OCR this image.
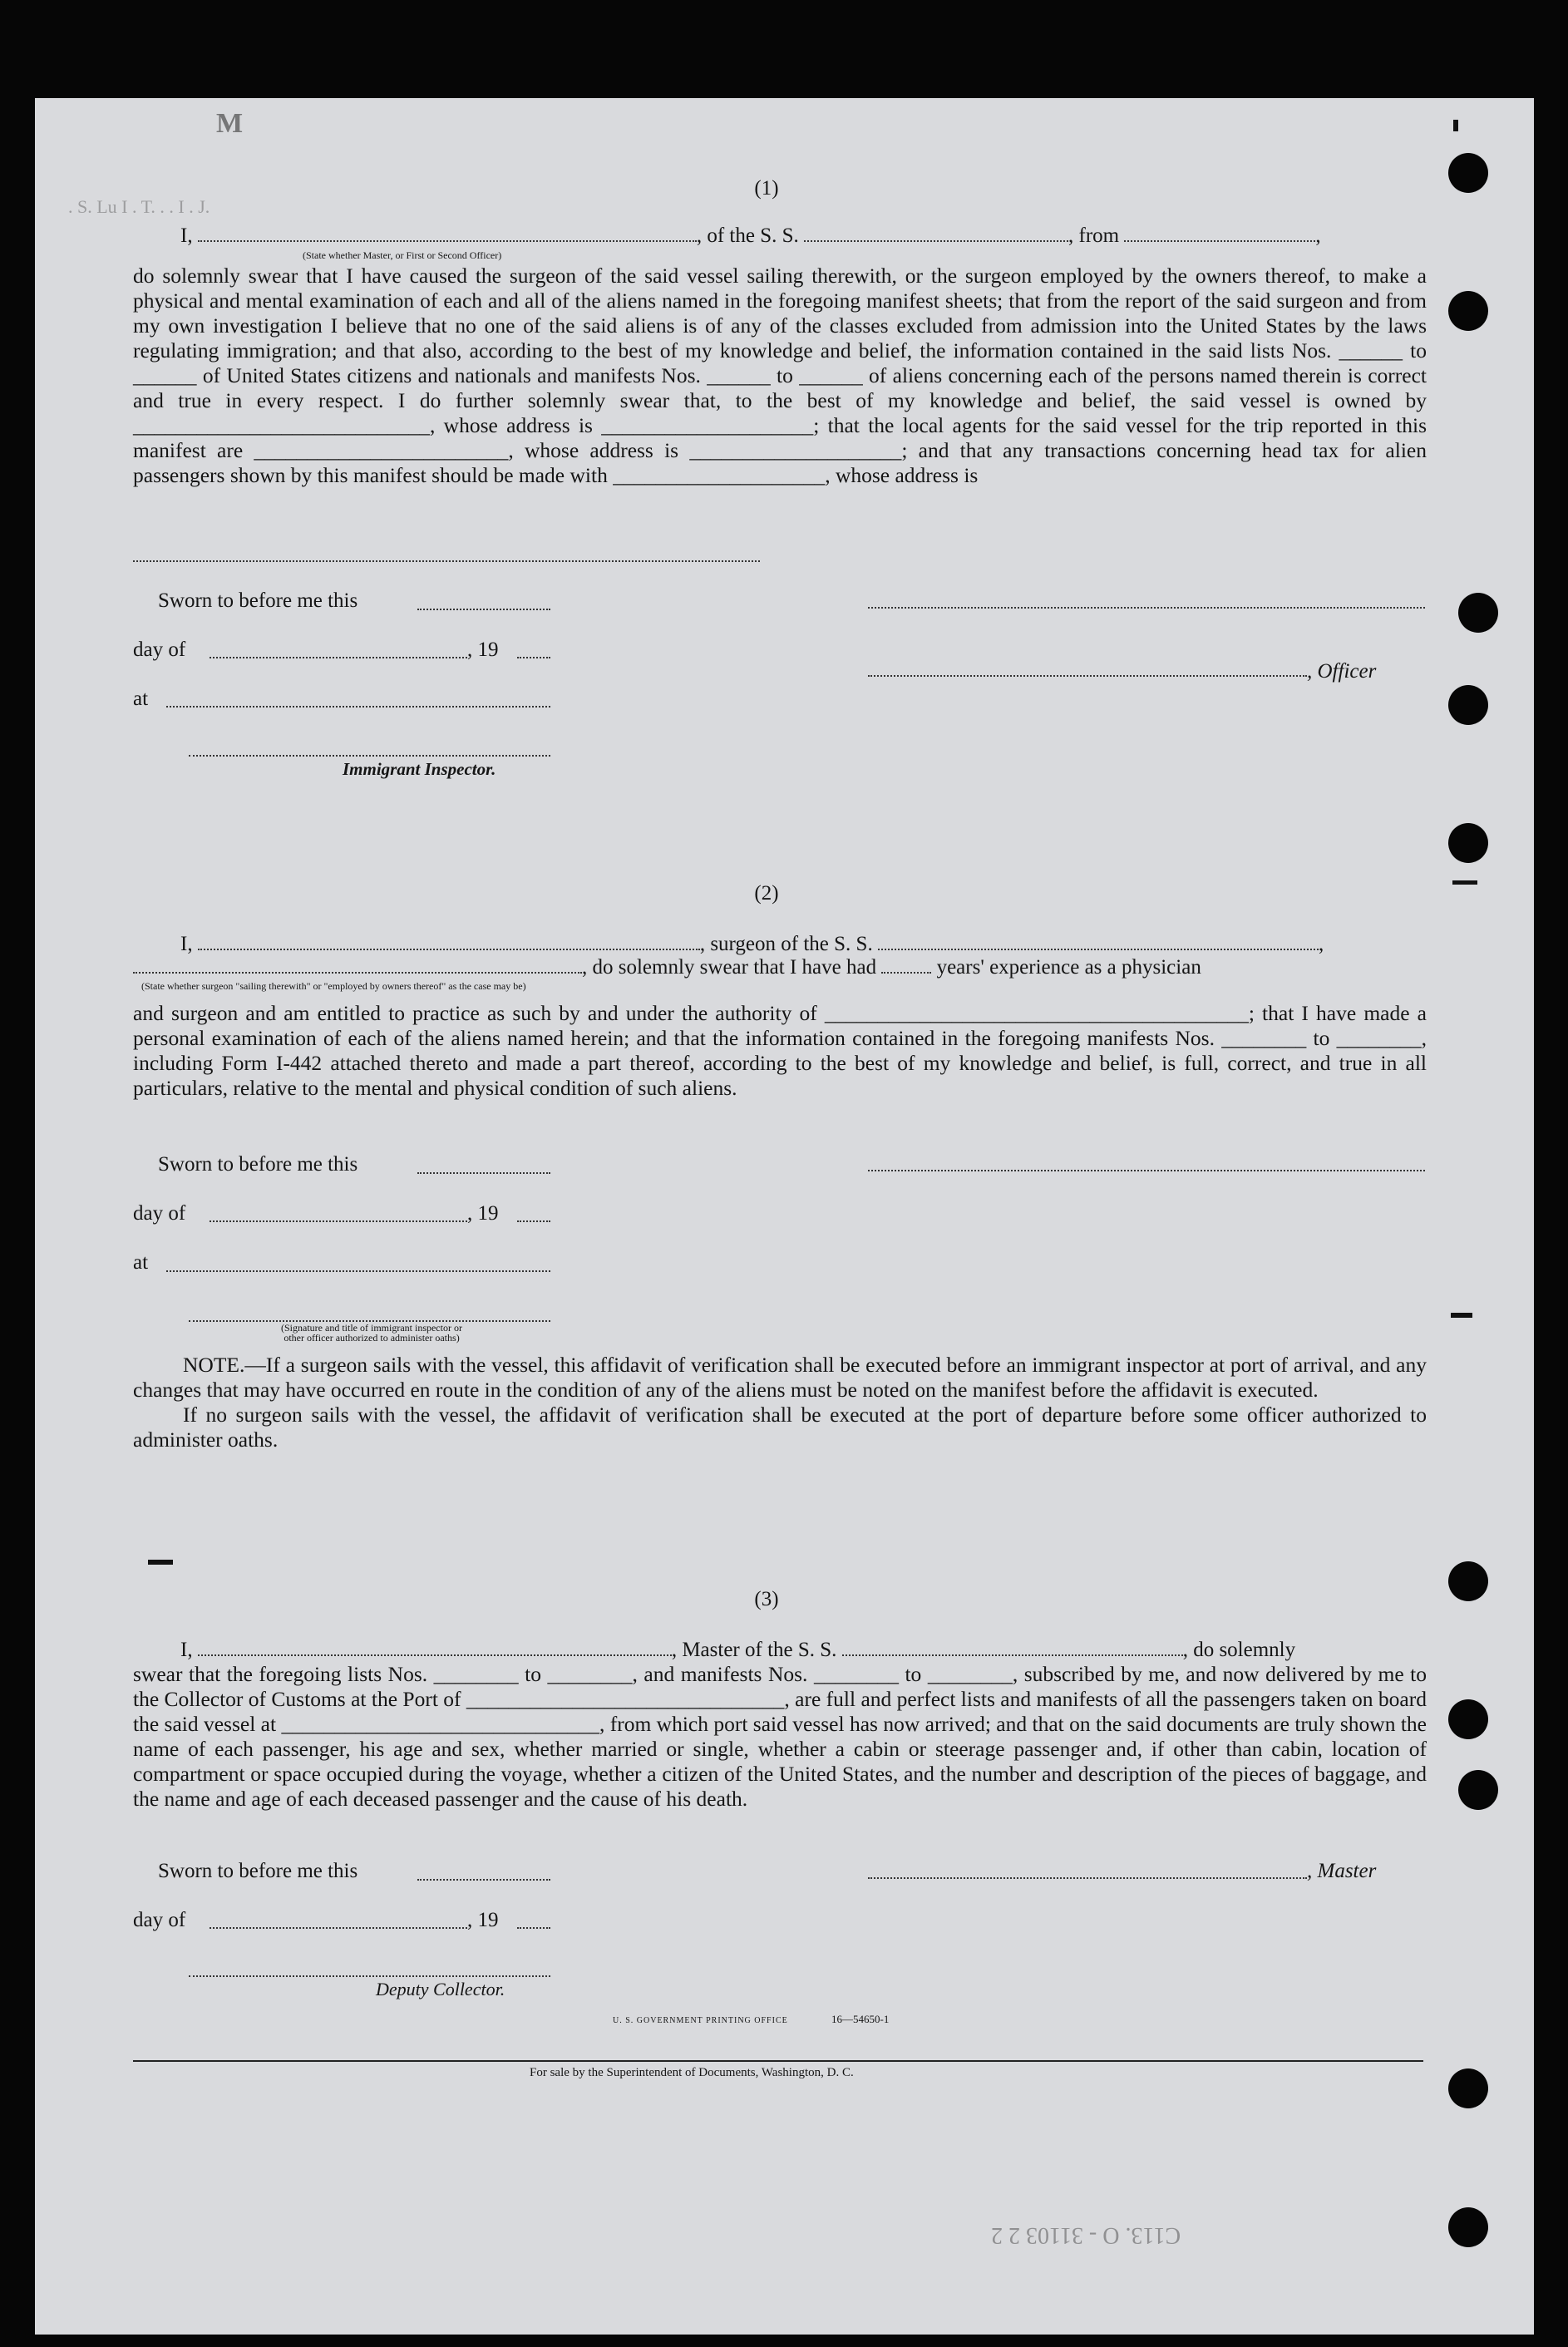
M
. S. Lu I . T. . . I . J.
C113. O - 31103 2 2
(1)
I,	, of the S. S.	, from	,
(State whether Master, or First or Second Officer)

do solemnly swear that I have caused the surgeon of the said vessel sailing therewith, or the surgeon employed by the owners thereof, to make a physical and mental examination of each and all of the aliens named in the foregoing manifest sheets; that from the report of the said surgeon and from my own investigation I believe that no one of the said aliens is of any of the classes excluded from admission into the United States by the laws regulating immigration; and that also, according to the best of my knowledge and belief, the information contained in the said lists Nos. ______ to ______ of United States citizens and nationals and manifests Nos. ______ to ______ of aliens concerning each of the persons named therein is correct and true in every respect. I do further solemnly swear that, to the best of my knowledge and belief, the said vessel is owned by ____________________________, whose address is ____________________; that the local agents for the said vessel for the trip reported in this manifest are ________________________, whose address is ____________________; and that any transactions concerning head tax for alien passengers shown by this manifest should be made with ____________________, whose address is

Sworn to before me this
day of	, 19
, Officer
at
Immigrant Inspector.
(2)
I,	, surgeon of the S. S.	,
, do solemnly swear that I have had	years' experience as a physician
(State whether surgeon "sailing therewith" or "employed by owners thereof" as the case may be)

and surgeon and am entitled to practice as such by and under the authority of ________________________________________; that I have made a personal examination of each of the aliens named herein; and that the information contained in the foregoing manifests Nos. ________ to ________, including Form I-442 attached thereto and made a part thereof, according to the best of my knowledge and belief, is full, correct, and true in all particulars, relative to the mental and physical condition of such aliens.

Sworn to before me this
day of	, 19
at
(Signature and title of immigrant inspector or
other officer authorized to administer oaths)

NOTE.—If a surgeon sails with the vessel, this affidavit of verification shall be executed before an immigrant inspector at port of arrival, and any changes that may have occurred en route in the condition of any of the aliens must be noted on the manifest before the affidavit is executed.

If no surgeon sails with the vessel, the affidavit of verification shall be executed at the port of departure before some officer authorized to administer oaths.

(3)
I,	, Master of the S. S.	, do solemnly

swear that the foregoing lists Nos. ________ to ________, and manifests Nos. ________ to ________, subscribed by me, and now delivered by me to the Collector of Customs at the Port of ______________________________, are full and perfect lists and manifests of all the passengers taken on board the said vessel at ______________________________, from which port said vessel has now arrived; and that on the said documents are truly shown the name of each passenger, his age and sex, whether married or single, whether a cabin or steerage passenger and, if other than cabin, location of compartment or space occupied during the voyage, whether a citizen of the United States, and the number and description of the pieces of baggage, and the name and age of each deceased passenger and the cause of his death.

Sworn to before me this	, Master
day of	, 19
Deputy Collector.
U. S. GOVERNMENT PRINTING OFFICE	16—54650-1
For sale by the Superintendent of Documents, Washington, D. C.
